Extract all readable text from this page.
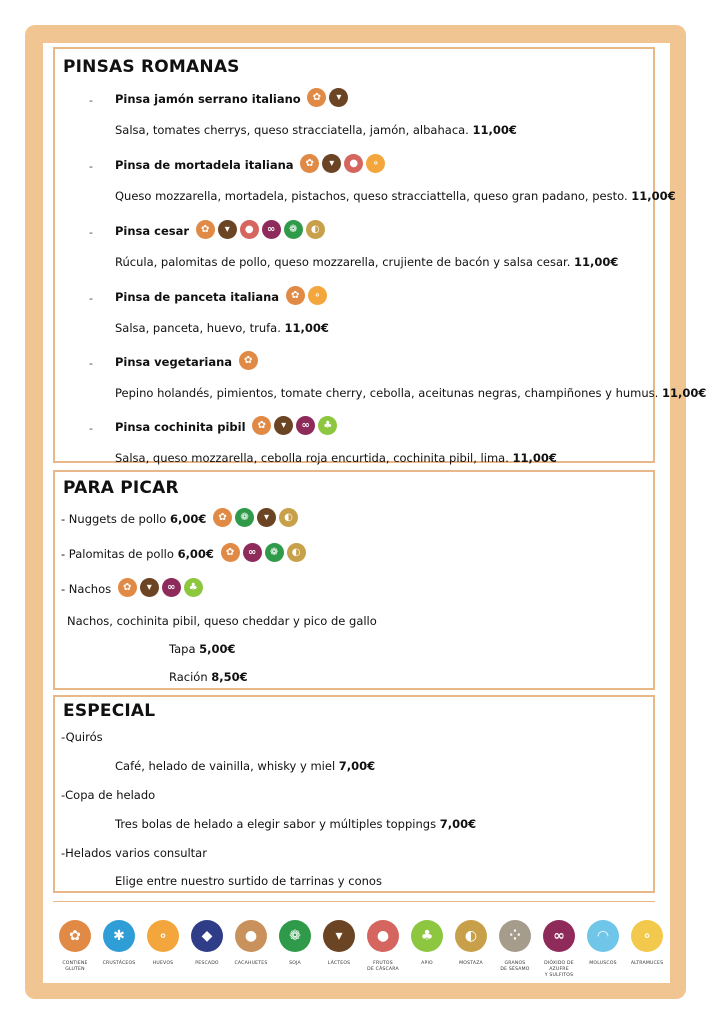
PINSAS ROMANAS
- Pinsa jamón serrano italiano ✿ ▾
Salsa, tomates cherrys, queso stracciatella, jamón, albahaca. 11,00€
- Pinsa de mortadela italiana ✿ ▾ ● ∘
Queso mozzarella, mortadela, pistachos, queso stracciattella, queso gran padano, pesto. 11,00€
- Pinsa cesar ✿ ▾ ● ∞ ❁ ◐
Rúcula, palomitas de pollo, queso mozzarella, crujiente de bacón y salsa cesar. 11,00€
- Pinsa de panceta italiana ✿ ∘
Salsa, panceta, huevo, trufa. 11,00€
- Pinsa vegetariana ✿
Pepino holandés, pimientos, tomate cherry, cebolla, aceitunas negras, champiñones y humus. 11,00€
- Pinsa cochinita pibil ✿ ▾ ∞ ♣
Salsa, queso mozzarella, cebolla roja encurtida, cochinita pibil, lima. 11,00€
PARA PICAR
- Nuggets de pollo 6,00€ ✿ ❁ ▾ ◐
- Palomitas de pollo 6,00€ ✿ ∞ ❁ ◐
- Nachos ✿ ▾ ∞ ♣
Nachos, cochinita pibil, queso cheddar y pico de gallo
Tapa 5,00€
Ración 8,50€
ESPECIAL
-Quirós
Café, helado de vainilla, whisky y miel 7,00€
-Copa de helado
Tres bolas de helado a elegir sabor y múltiples toppings 7,00€
-Helados varios consultar
Elige entre nuestro surtido de tarrinas y conos
✿
CONTIENE
GLUTEN
✱
CRUSTÁCEOS

∘
HUEVOS

◆
PESCADO

●
CACAHUETES

❁
SOJA

▾
LÁCTEOS

●
FRUTOS
DE CÁSCARA
♣
APIO

◐
MOSTAZA

⁘
GRANOS
DE SÉSAMO
∞
DIÓXIDO DE AZUFRE
Y SULFITOS
◠
MOLUSCOS

∘
ALTRAMUCES
